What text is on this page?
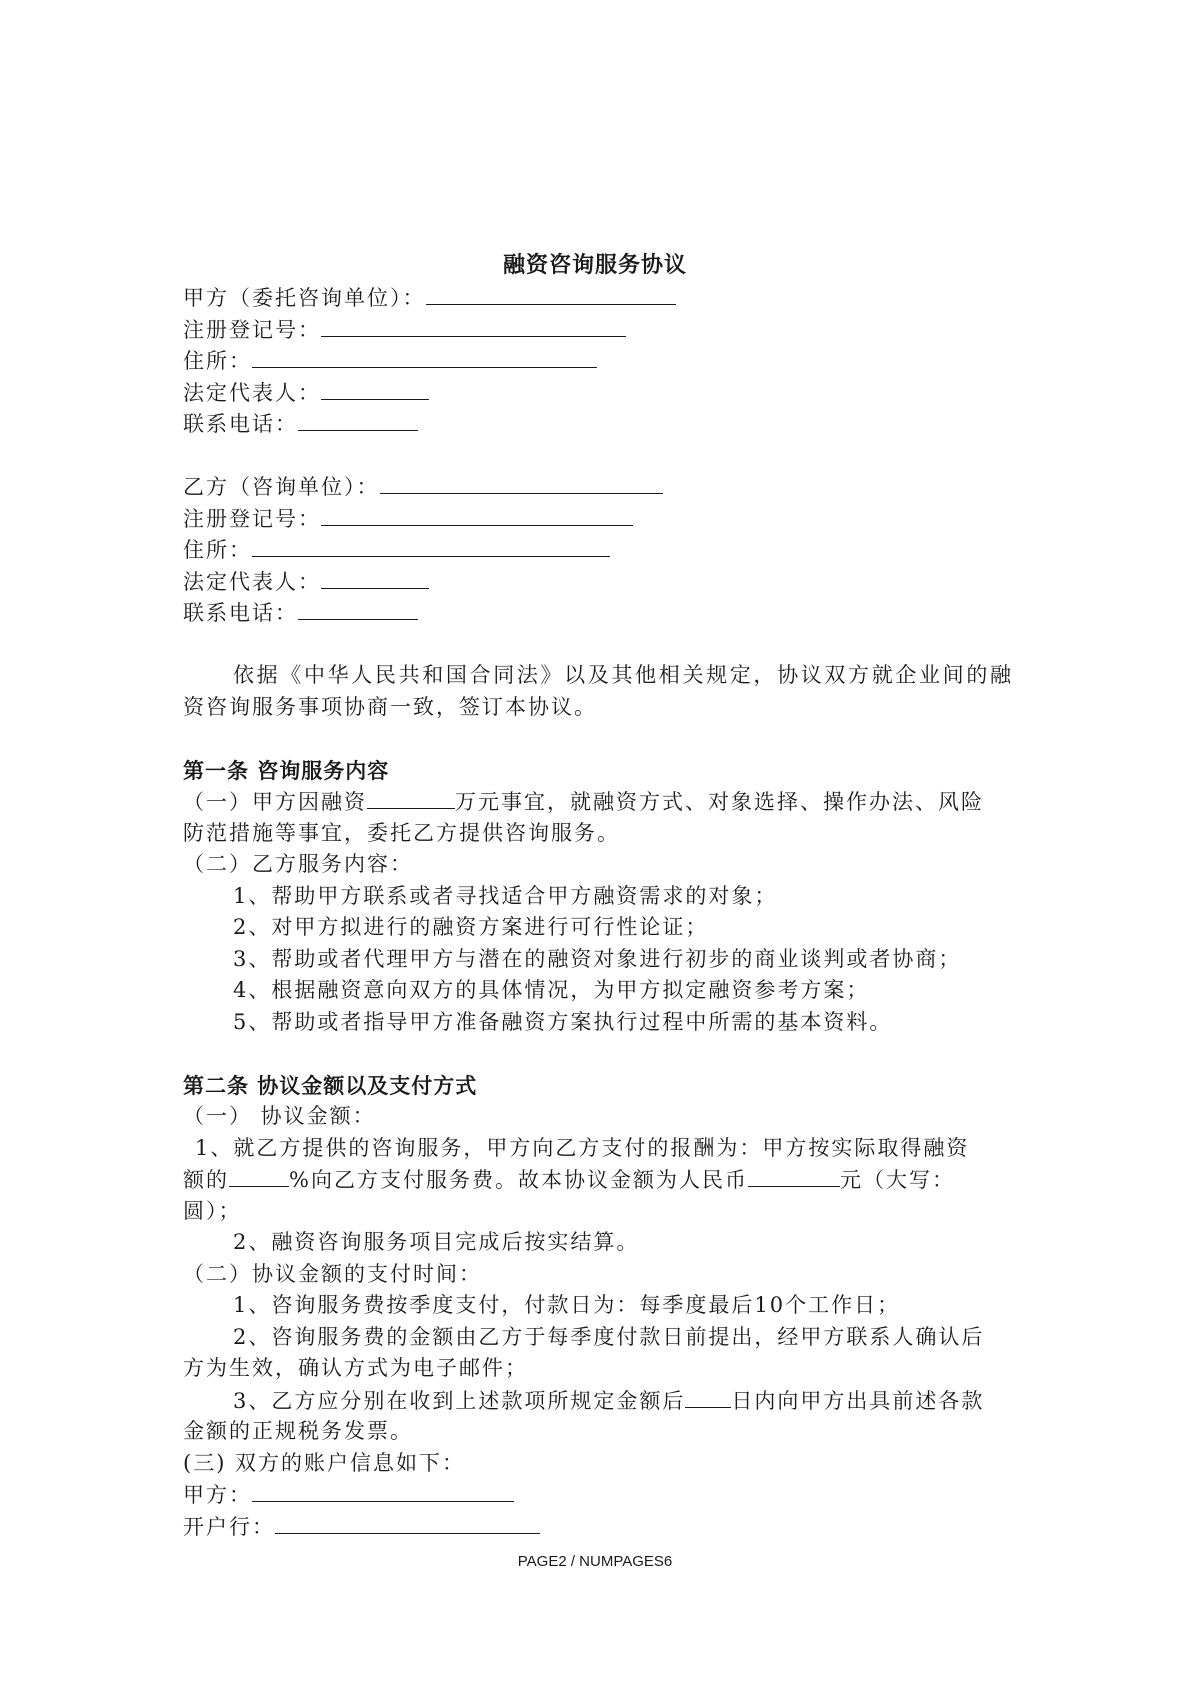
融资咨询服务协议
甲方（委托咨询单位）：
注册登记号：
住所：
法定代表人：
联系电话：
乙方（咨询单位）：
注册登记号：
住所：
法定代表人：
联系电话：
依据《中华人民共和国合同法》以及其他相关规定，协议双方就企业间的融资咨询服务事项协商一致，签订本协议。
第一条 咨询服务内容
（一）甲方因融资	万元事宜，就融资方式、对象选择、操作办法、风险
防范措施等事宜，委托乙方提供咨询服务。
（二）乙方服务内容：
1、帮助甲方联系或者寻找适合甲方融资需求的对象；
2、对甲方拟进行的融资方案进行可行性论证；
3、帮助或者代理甲方与潜在的融资对象进行初步的商业谈判或者协商；
4、根据融资意向双方的具体情况，为甲方拟定融资参考方案；
5、帮助或者指导甲方准备融资方案执行过程中所需的基本资料。
第二条 协议金额以及支付方式
（一） 协议金额：
1、就乙方提供的咨询服务，甲方向乙方支付的报酬为：甲方按实际取得融资
额的	%向乙方支付服务费。故本协议金额为人民币	元（大写：
圆）；
2、融资咨询服务项目完成后按实结算。
（二）协议金额的支付时间：
1、咨询服务费按季度支付，付款日为：每季度最后10个工作日；
2、咨询服务费的金额由乙方于每季度付款日前提出，经甲方联系人确认后
方为生效，确认方式为电子邮件；
3、乙方应分别在收到上述款项所规定金额后 日内向甲方出具前述各款
金额的正规税务发票。
(三) 双方的账户信息如下：
甲方：
开户行：
PAGE2 / NUMPAGES6
